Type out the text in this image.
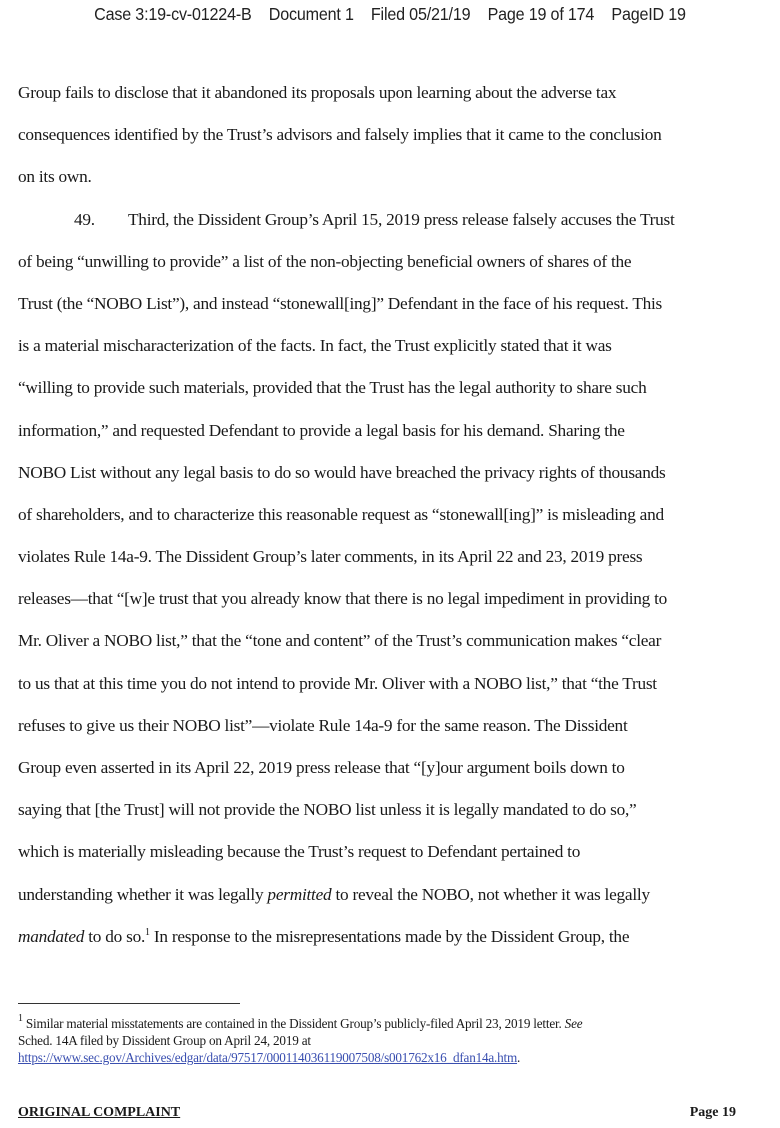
Case 3:19-cv-01224-B Document 1 Filed 05/21/19 Page 19 of 174 PageID 19
Group fails to disclose that it abandoned its proposals upon learning about the adverse tax
consequences identified by the Trust’s advisors and falsely implies that it came to the conclusion
on its own.
49. Third, the Dissident Group’s April 15, 2019 press release falsely accuses the Trust
of being “unwilling to provide” a list of the non-objecting beneficial owners of shares of the
Trust (the “NOBO List”), and instead “stonewall[ing]” Defendant in the face of his request. This
is a material mischaracterization of the facts. In fact, the Trust explicitly stated that it was
“willing to provide such materials, provided that the Trust has the legal authority to share such
information,” and requested Defendant to provide a legal basis for his demand. Sharing the
NOBO List without any legal basis to do so would have breached the privacy rights of thousands
of shareholders, and to characterize this reasonable request as “stonewall[ing]” is misleading and
violates Rule 14a-9. The Dissident Group’s later comments, in its April 22 and 23, 2019 press
releases—that “[w]e trust that you already know that there is no legal impediment in providing to
Mr. Oliver a NOBO list,” that the “tone and content” of the Trust’s communication makes “clear
to us that at this time you do not intend to provide Mr. Oliver with a NOBO list,” that “the Trust
refuses to give us their NOBO list”—violate Rule 14a-9 for the same reason. The Dissident
Group even asserted in its April 22, 2019 press release that “[y]our argument boils down to
saying that [the Trust] will not provide the NOBO list unless it is legally mandated to do so,”
which is materially misleading because the Trust’s request to Defendant pertained to
understanding whether it was legally permitted to reveal the NOBO, not whether it was legally
mandated to do so.$^1$ In response to the misrepresentations made by the Dissident Group, the
$^1$ Similar material misstatements are contained in the Dissident Group’s publicly-filed April 23, 2019 letter. See
Sched. 14A filed by Dissident Group on April 24, 2019 at
https://www.sec.gov/Archives/edgar/data/97517/000114036119007508/s001762x16_dfan14a.htm.
ORIGINAL COMPLAINT	Page 19
